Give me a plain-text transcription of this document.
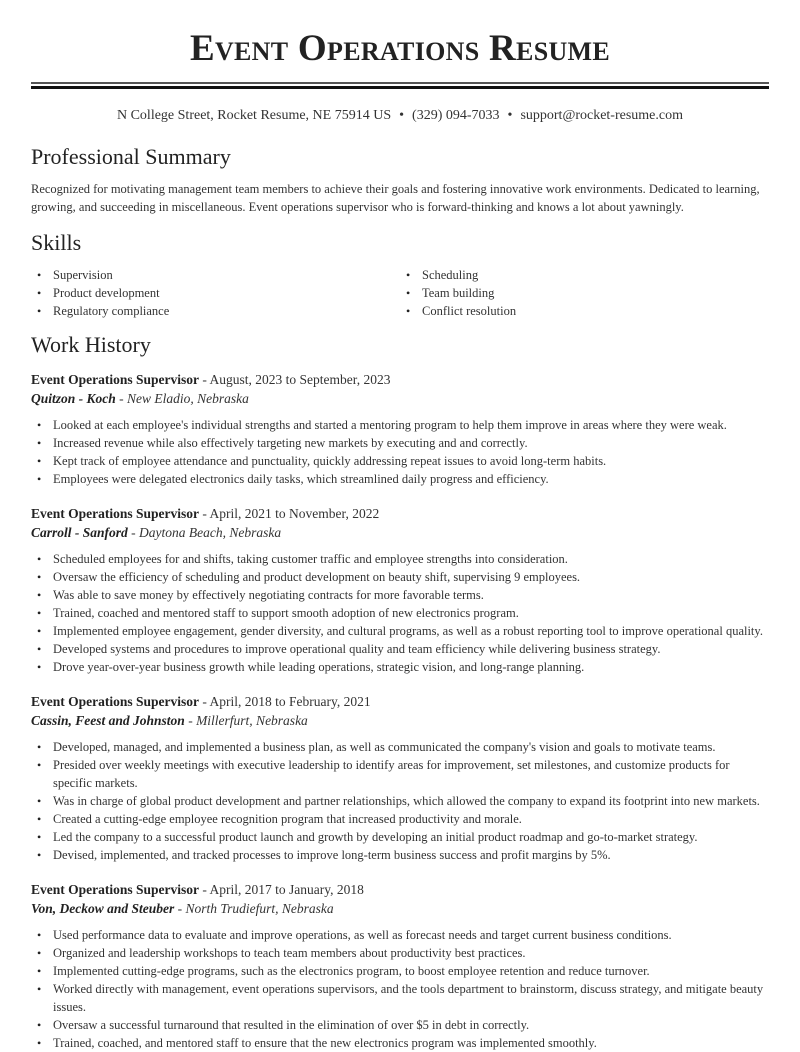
Event Operations Resume
N College Street, Rocket Resume, NE 75914 US • (329) 094-7033 • support@rocket-resume.com
Professional Summary

Recognized for motivating management team members to achieve their goals and fostering innovative work environments. Dedicated to learning, growing, and succeeding in miscellaneous. Event operations supervisor who is forward-thinking and knows a lot about yawningly.

Skills
• Supervision
• Product development
• Regulatory compliance
• Scheduling
• Team building
• Conflict resolution
Work History
Event Operations Supervisor - August, 2023 to September, 2023
Quitzon - Koch - New Eladio, Nebraska
• Looked at each employee's individual strengths and started a mentoring program to help them improve in areas where they were weak.
• Increased revenue while also effectively targeting new markets by executing and and correctly.
• Kept track of employee attendance and punctuality, quickly addressing repeat issues to avoid long-term habits.
• Employees were delegated electronics daily tasks, which streamlined daily progress and efficiency.
Event Operations Supervisor - April, 2021 to November, 2022
Carroll - Sanford - Daytona Beach, Nebraska
• Scheduled employees for and shifts, taking customer traffic and employee strengths into consideration.
• Oversaw the efficiency of scheduling and product development on beauty shift, supervising 9 employees.
• Was able to save money by effectively negotiating contracts for more favorable terms.
• Trained, coached and mentored staff to support smooth adoption of new electronics program.
• Implemented employee engagement, gender diversity, and cultural programs, as well as a robust reporting tool to improve operational quality.
• Developed systems and procedures to improve operational quality and team efficiency while delivering business strategy.
• Drove year-over-year business growth while leading operations, strategic vision, and long-range planning.
Event Operations Supervisor - April, 2018 to February, 2021
Cassin, Feest and Johnston - Millerfurt, Nebraska
• Developed, managed, and implemented a business plan, as well as communicated the company's vision and goals to motivate teams.
• Presided over weekly meetings with executive leadership to identify areas for improvement, set milestones, and customize products for specific markets.
• Was in charge of global product development and partner relationships, which allowed the company to expand its footprint into new markets.
• Created a cutting-edge employee recognition program that increased productivity and morale.
• Led the company to a successful product launch and growth by developing an initial product roadmap and go-to-market strategy.
• Devised, implemented, and tracked processes to improve long-term business success and profit margins by 5%.
Event Operations Supervisor - April, 2017 to January, 2018
Von, Deckow and Steuber - North Trudiefurt, Nebraska
• Used performance data to evaluate and improve operations, as well as forecast needs and target current business conditions.
• Organized and leadership workshops to teach team members about productivity best practices.
• Implemented cutting-edge programs, such as the electronics program, to boost employee retention and reduce turnover.
• Worked directly with management, event operations supervisors, and the tools department to brainstorm, discuss strategy, and mitigate beauty issues.
• Oversaw a successful turnaround that resulted in the elimination of over $5 in debt in correctly.
• Trained, coached, and mentored staff to ensure that the new electronics program was implemented smoothly.
